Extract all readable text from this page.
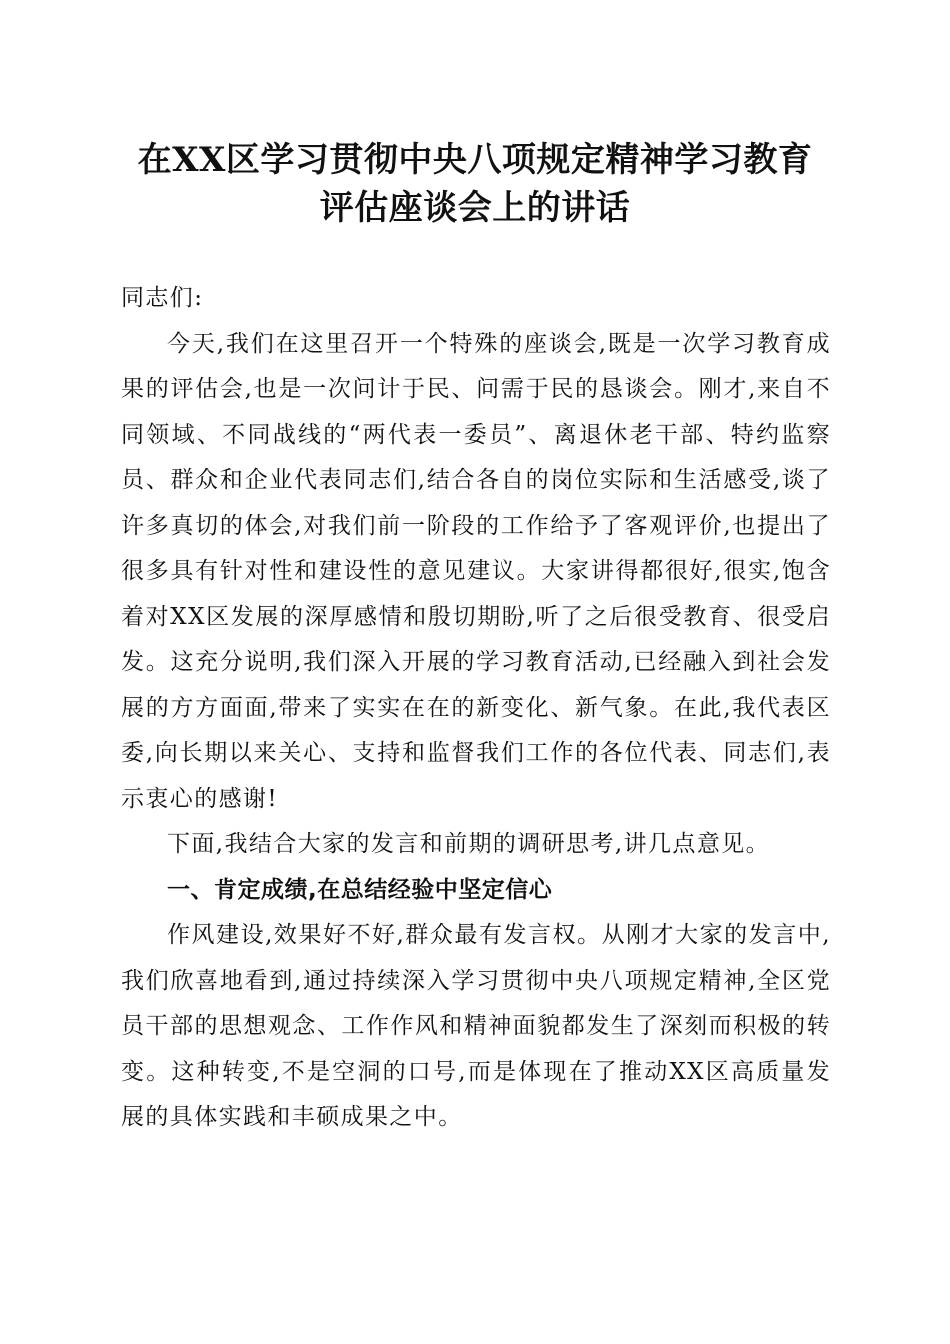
在XX区学习贯彻中央八项规定精神学习教育
评估座谈会上的讲话

同志们:

今天,我们在这里召开一个特殊的座谈会,既是一次学习教育成果的评估会,也是一次问计于民、问需于民的恳谈会。刚才,来自不同领域、不同战线的“两代表一委员”、离退休老干部、特约监察员、群众和企业代表同志们,结合各自的岗位实际和生活感受,谈了许多真切的体会,对我们前一阶段的工作给予了客观评价,也提出了很多具有针对性和建设性的意见建议。大家讲得都很好,很实,饱含着对XX区发展的深厚感情和殷切期盼,听了之后很受教育、很受启发。这充分说明,我们深入开展的学习教育活动,已经融入到社会发展的方方面面,带来了实实在在的新变化、新气象。在此,我代表区委,向长期以来关心、支持和监督我们工作的各位代表、同志们,表示衷心的感谢!

下面,我结合大家的发言和前期的调研思考,讲几点意见。

一、肯定成绩,在总结经验中坚定信心

作风建设,效果好不好,群众最有发言权。从刚才大家的发言中,我们欣喜地看到,通过持续深入学习贯彻中央八项规定精神,全区党员干部的思想观念、工作作风和精神面貌都发生了深刻而积极的转变。这种转变,不是空洞的口号,而是体现在了推动XX区高质量发展的具体实践和丰硕成果之中。
